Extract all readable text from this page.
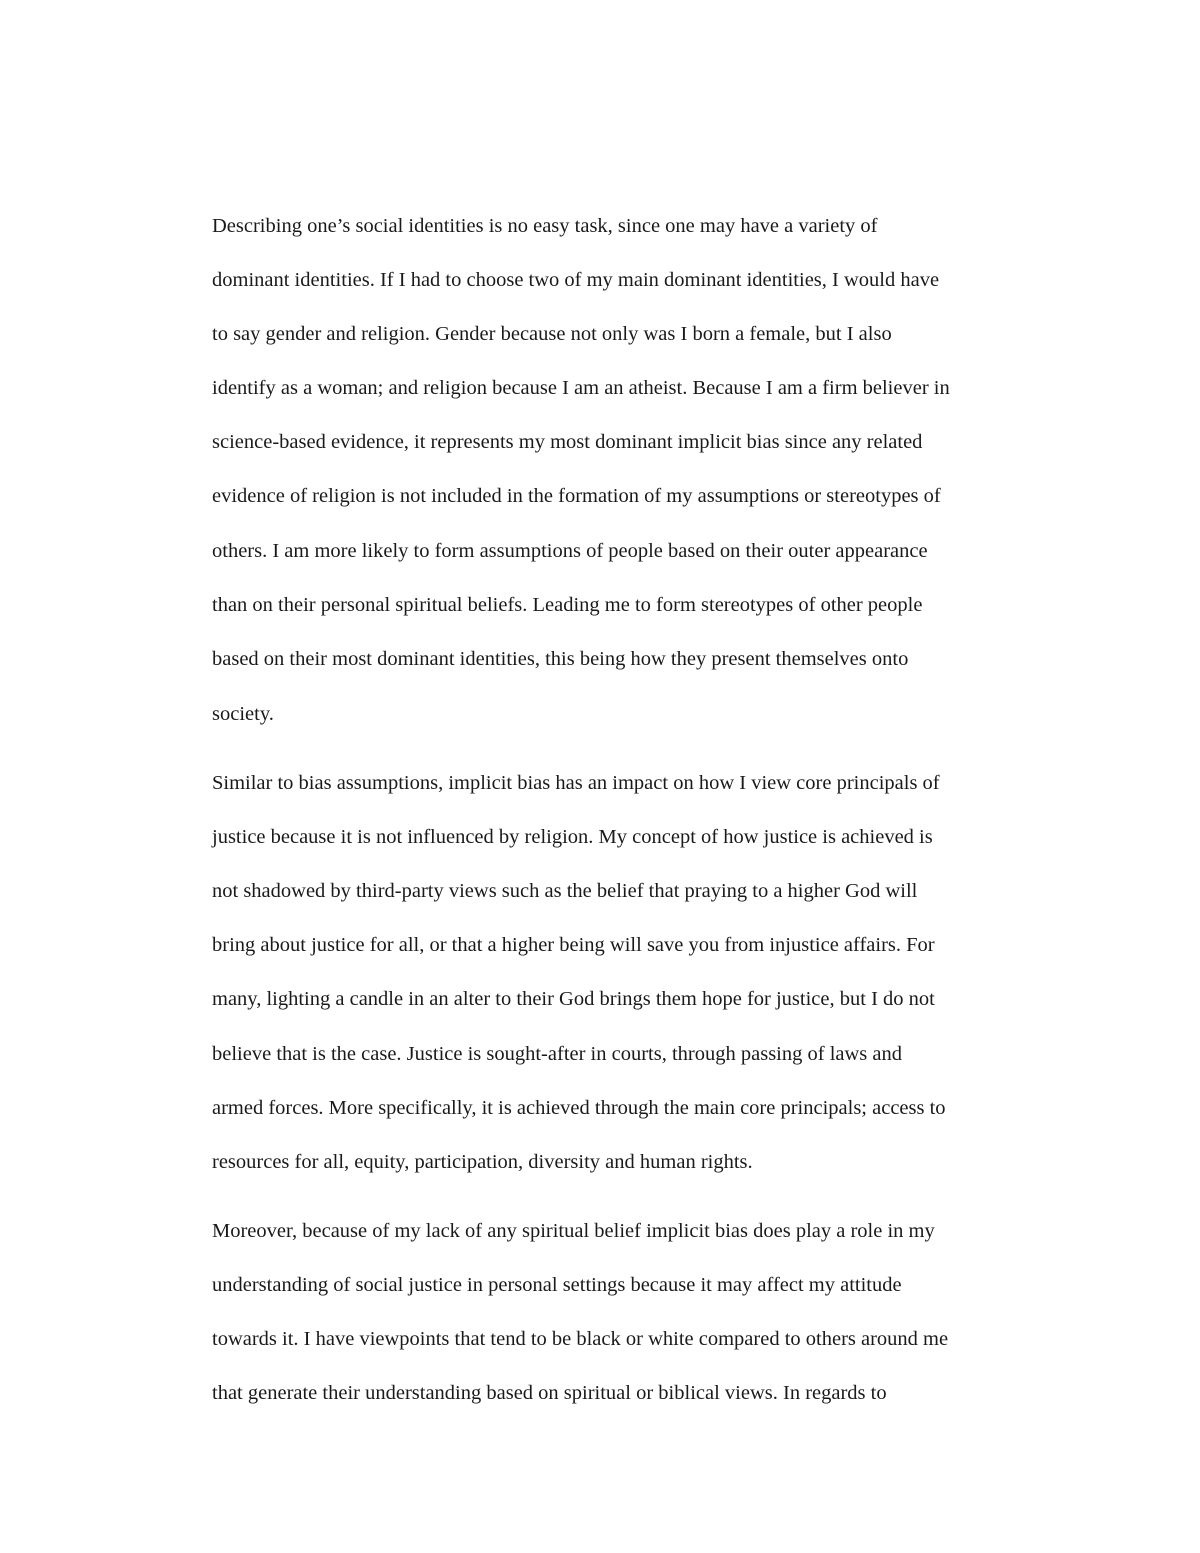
Describing one’s social identities is no easy task, since one may have a variety of
dominant identities. If I had to choose two of my main dominant identities, I would have
to say gender and religion. Gender because not only was I born a female, but I also
identify as a woman; and religion because I am an atheist. Because I am a firm believer in
science-based evidence, it represents my most dominant implicit bias since any related
evidence of religion is not included in the formation of my assumptions or stereotypes of
others. I am more likely to form assumptions of people based on their outer appearance
than on their personal spiritual beliefs. Leading me to form stereotypes of other people
based on their most dominant identities, this being how they present themselves onto
society.
Similar to bias assumptions, implicit bias has an impact on how I view core principals of
justice because it is not influenced by religion. My concept of how justice is achieved is
not shadowed by third-party views such as the belief that praying to a higher God will
bring about justice for all, or that a higher being will save you from injustice affairs. For
many, lighting a candle in an alter to their God brings them hope for justice, but I do not
believe that is the case. Justice is sought-after in courts, through passing of laws and
armed forces. More specifically, it is achieved through the main core principals; access to
resources for all, equity, participation, diversity and human rights.
Moreover, because of my lack of any spiritual belief implicit bias does play a role in my
understanding of social justice in personal settings because it may affect my attitude
towards it. I have viewpoints that tend to be black or white compared to others around me
that generate their understanding based on spiritual or biblical views. In regards to
